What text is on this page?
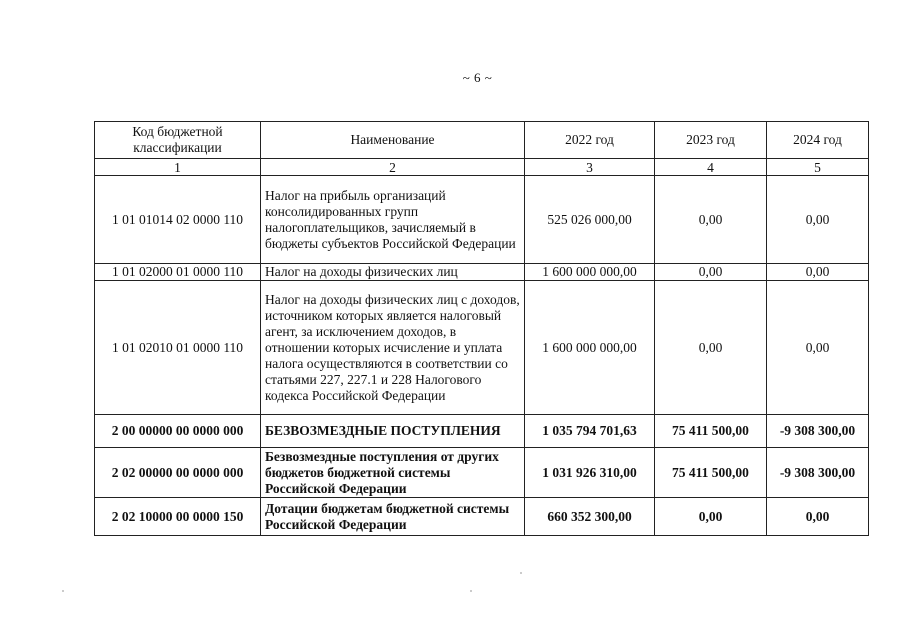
~ 6 ~
Код бюджетной классификации	Наименование	2022 год	2023 год	2024 год
1	2	3	4	5
1 01 01014 02 0000 110	Налог на прибыль организаций консолидированных групп налогоплательщиков, зачисляемый в бюджеты субъектов Российской Федерации	525 026 000,00	0,00	0,00
1 01 02000 01 0000 110	Налог на доходы физических лиц	1 600 000 000,00	0,00	0,00
1 01 02010 01 0000 110	Налог на доходы физических лиц с доходов, источником которых является налоговый агент, за исключением доходов, в отношении которых исчисление и уплата налога осуществляются в соответствии со статьями 227, 227.1 и 228 Налогового кодекса Российской Федерации	1 600 000 000,00	0,00	0,00
2 00 00000 00 0000 000	БЕЗВОЗМЕЗДНЫЕ ПОСТУПЛЕНИЯ	1 035 794 701,63	75 411 500,00	-9 308 300,00
2 02 00000 00 0000 000	Безвозмездные поступления от других бюджетов бюджетной системы Российской Федерации	1 031 926 310,00	75 411 500,00	-9 308 300,00
2 02 10000 00 0000 150	Дотации бюджетам бюджетной системы Российской Федерации	660 352 300,00	0,00	0,00
